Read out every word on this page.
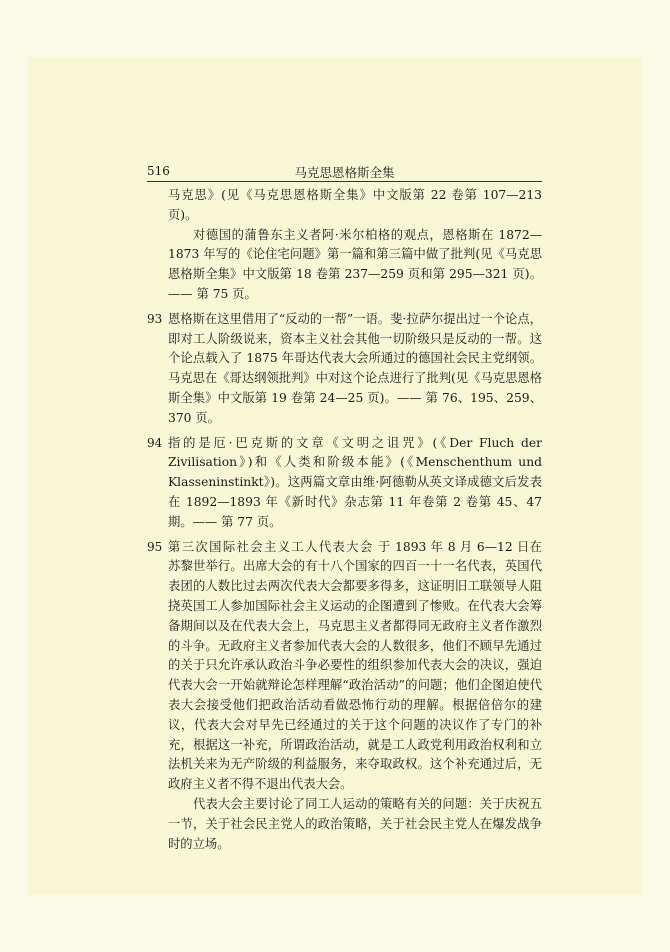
516	马克思恩格斯全集

马克思》(见《马克思恩格斯全集》中文版第 22 卷第 107—213 页)。

对德国的蒲鲁东主义者阿·米尔柏格的观点，恩格斯在 1872—1873 年写的《论住宅问题》第一篇和第三篇中做了批判(见《马克思恩格斯全集》中文版第 18 卷第 237—259 页和第 295—321 页)。—— 第 75 页。

93 恩格斯在这里借用了“反动的一帮”一语。斐·拉萨尔提出过一个论点，即对工人阶级说来，资本主义社会其他一切阶级只是反动的一帮。这个论点载入了 1875 年哥达代表大会所通过的德国社会民主党纲领。马克思在《哥达纲领批判》中对这个论点进行了批判(见《马克思恩格斯全集》中文版第 19 卷第 24—25 页)。—— 第 76、195、259、370 页。

94 指的是厄·巴克斯的文章《文明之诅咒》(《Der Fluch der Zivilisation》)和《人类和阶级本能》(《Menschenthum und Klasseninstinkt》)。这两篇文章由维·阿德勒从英文译成德文后发表在 1892—1893 年《新时代》杂志第 11 年卷第 2 卷第 45、47 期。—— 第 77 页。

95 第三次国际社会主义工人代表大会 于 1893 年 8 月 6—12 日在苏黎世举行。出席大会的有十八个国家的四百一十一名代表，英国代表团的人数比过去两次代表大会都要多得多，这证明旧工联领导人阻挠英国工人参加国际社会主义运动的企图遭到了惨败。在代表大会筹备期间以及在代表大会上，马克思主义者都得同无政府主义者作激烈的斗争。无政府主义者参加代表大会的人数很多，他们不顾早先通过的关于只允许承认政治斗争必要性的组织参加代表大会的决议，强迫代表大会一开始就辩论怎样理解“政治活动”的问题；他们企图迫使代表大会接受他们把政治活动看做恐怖行动的理解。根据倍倍尔的建议，代表大会对早先已经通过的关于这个问题的决议作了专门的补充，根据这一补充，所谓政治活动，就是工人政党利用政治权利和立法机关来为无产阶级的利益服务，来夺取政权。这个补充通过后，无政府主义者不得不退出代表大会。

代表大会主要讨论了同工人运动的策略有关的问题：关于庆祝五一节，关于社会民主党人的政治策略，关于社会民主党人在爆发战争时的立场。
